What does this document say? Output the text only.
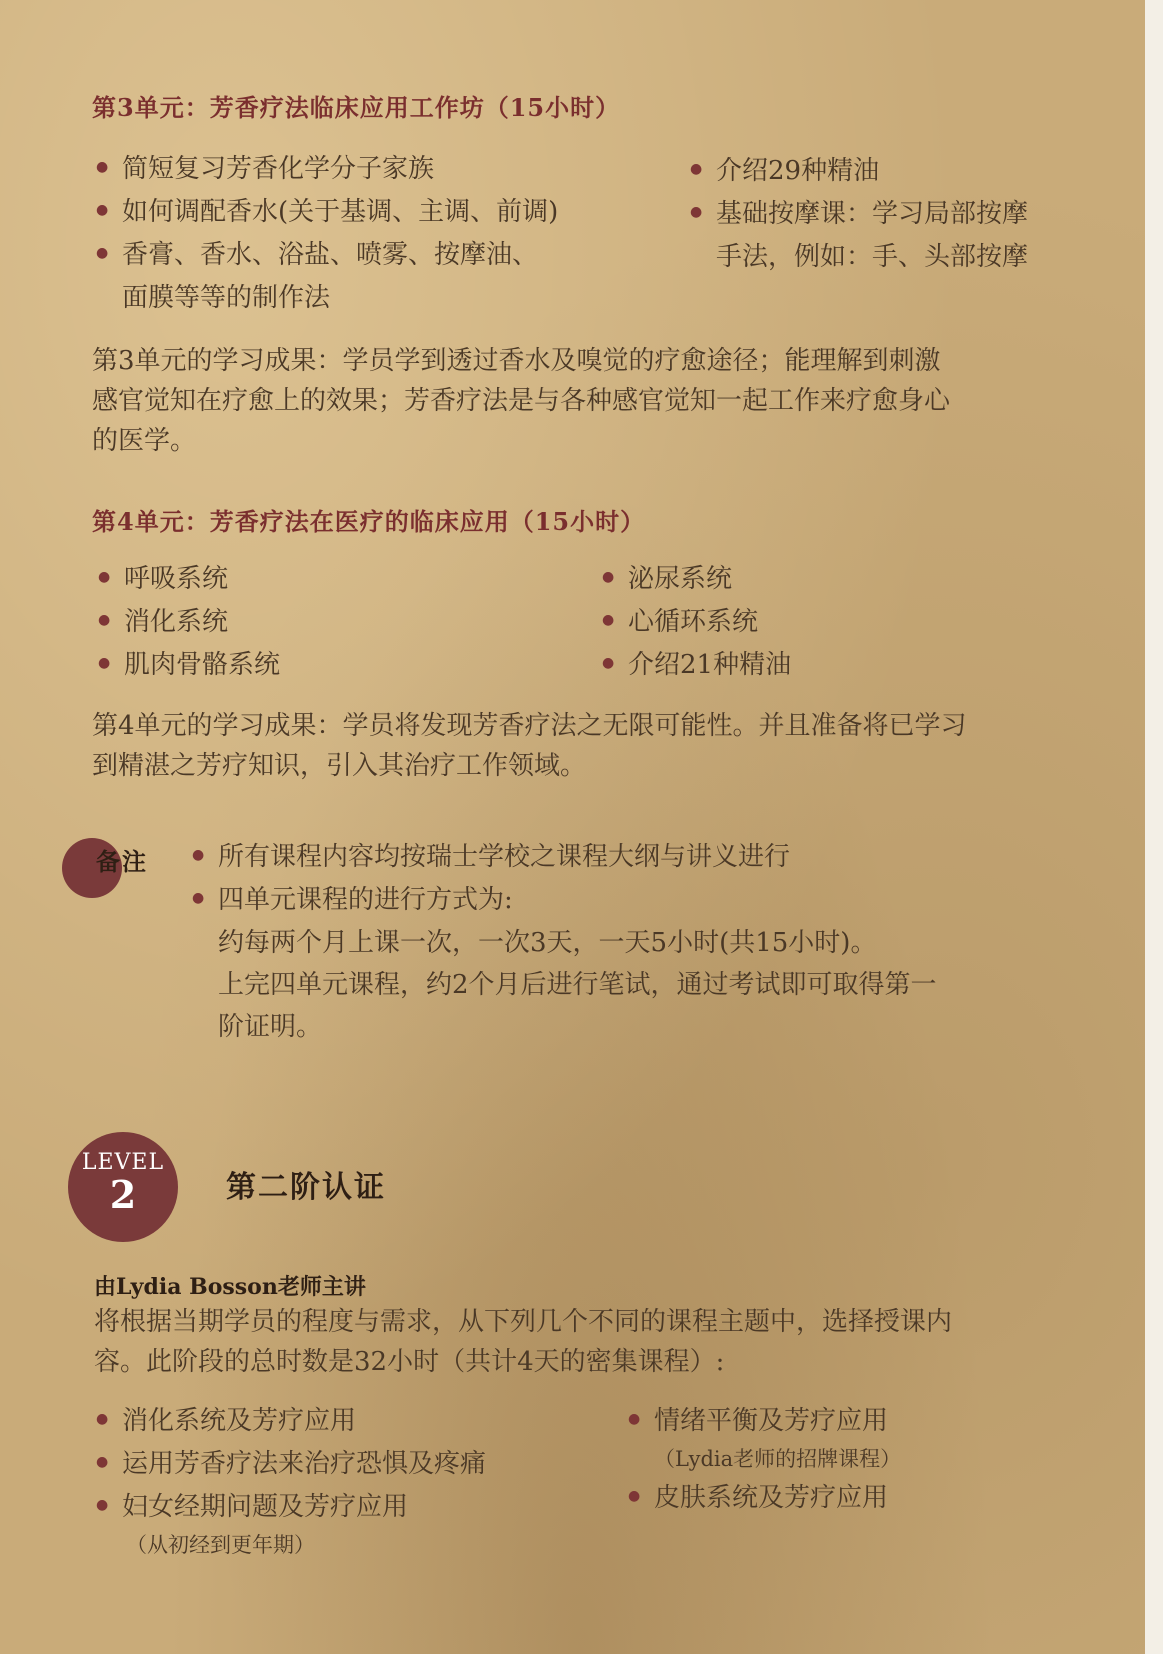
第3单元：芳香疗法临床应用工作坊（15小时）
● 简短复习芳香化学分子家族
● 如何调配香水(关于基调、主调、前调)
● 香膏、香水、浴盐、喷雾、按摩油、
面膜等等的制作法
● 介绍29种精油
● 基础按摩课：学习局部按摩
手法，例如：手、头部按摩
第3单元的学习成果：学员学到透过香水及嗅觉的疗愈途径；能理解到刺激
感官觉知在疗愈上的效果；芳香疗法是与各种感官觉知一起工作来疗愈身心
的医学。
第4单元：芳香疗法在医疗的临床应用（15小时）
● 呼吸系统
● 消化系统
● 肌肉骨骼系统
● 泌尿系统
● 心循环系统
● 介绍21种精油
第4单元的学习成果：学员将发现芳香疗法之无限可能性。并且准备将已学习
到精湛之芳疗知识，引入其治疗工作领域。
备注
●	所有课程内容均按瑞士学校之课程大纲与讲义进行
● 四单元课程的进行方式为:
约每两个月上课一次，一次3天，一天5小时(共15小时)。
上完四单元课程，约2个月后进行笔试，通过考试即可取得第一
阶证明。
LEVEL
2	第二阶认证
由Lydia Bosson老师主讲
将根据当期学员的程度与需求，从下列几个不同的课程主题中，选择授课内
容。此阶段的总时数是32小时（共计4天的密集课程）:
● 消化系统及芳疗应用
● 运用芳香疗法来治疗恐惧及疼痛
● 妇女经期问题及芳疗应用
（从初经到更年期）
● 情绪平衡及芳疗应用
（Lydia老师的招牌课程）
● 皮肤系统及芳疗应用
